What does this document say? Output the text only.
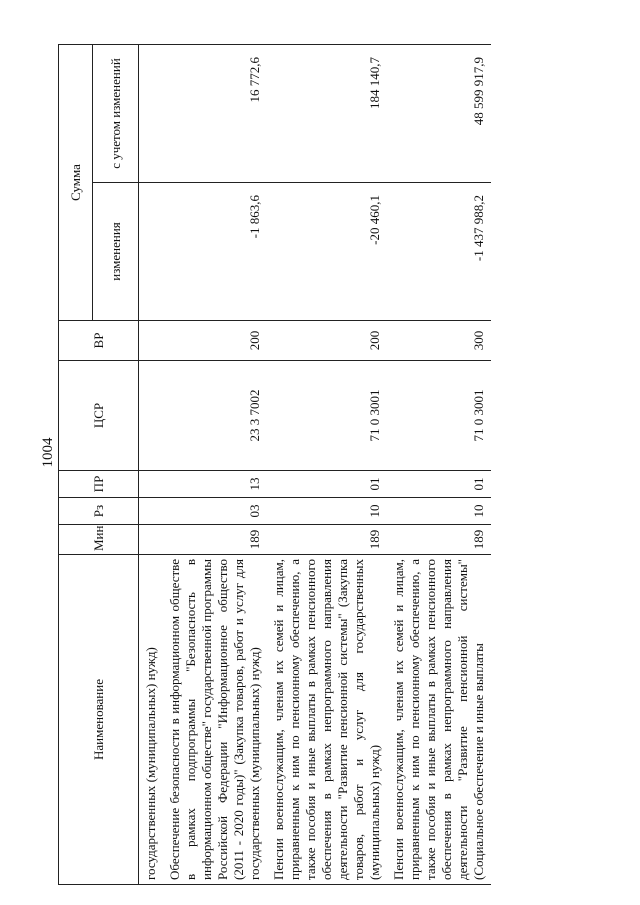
1004
Наименование	Мин	Рз	ПР	ЦСР	ВР	Сумма	
						изменения	с учетом изменений
государственных (муниципальных) нужд)							
Обеспечение безопасности в информационном обществе в рамках подпрограммы "Безопасность в информационном обществе" государственной программы Российской Федерации "Информационное общество (2011 - 2020 годы)" (Закупка товаров, работ и услуг для государственных (муниципальных) нужд)	189	03	13	23 3 7002	200	-1 863,6	16 772,6
Пенсии военнослужащим, членам их семей и лицам, приравненным к ним по пенсионному обеспечению, а также пособия и иные выплаты в рамках пенсионного обеспечения в рамках непрограммного направления деятельности "Развитие пенсионной системы" (Закупка товаров, работ и услуг для государственных (муниципальных) нужд)	189	10	01	71 0 3001	200	-20 460,1	184 140,7
Пенсии военнослужащим, членам их семей и лицам, приравненным к ним по пенсионному обеспечению, а также пособия и иные выплаты в рамках пенсионного обеспечения в рамках непрограммного направления деятельности "Развитие пенсионной системы" (Социальное обеспечение и иные выплаты	189	10	01	71 0 3001	300	-1 437 988,2	48 599 917,9
